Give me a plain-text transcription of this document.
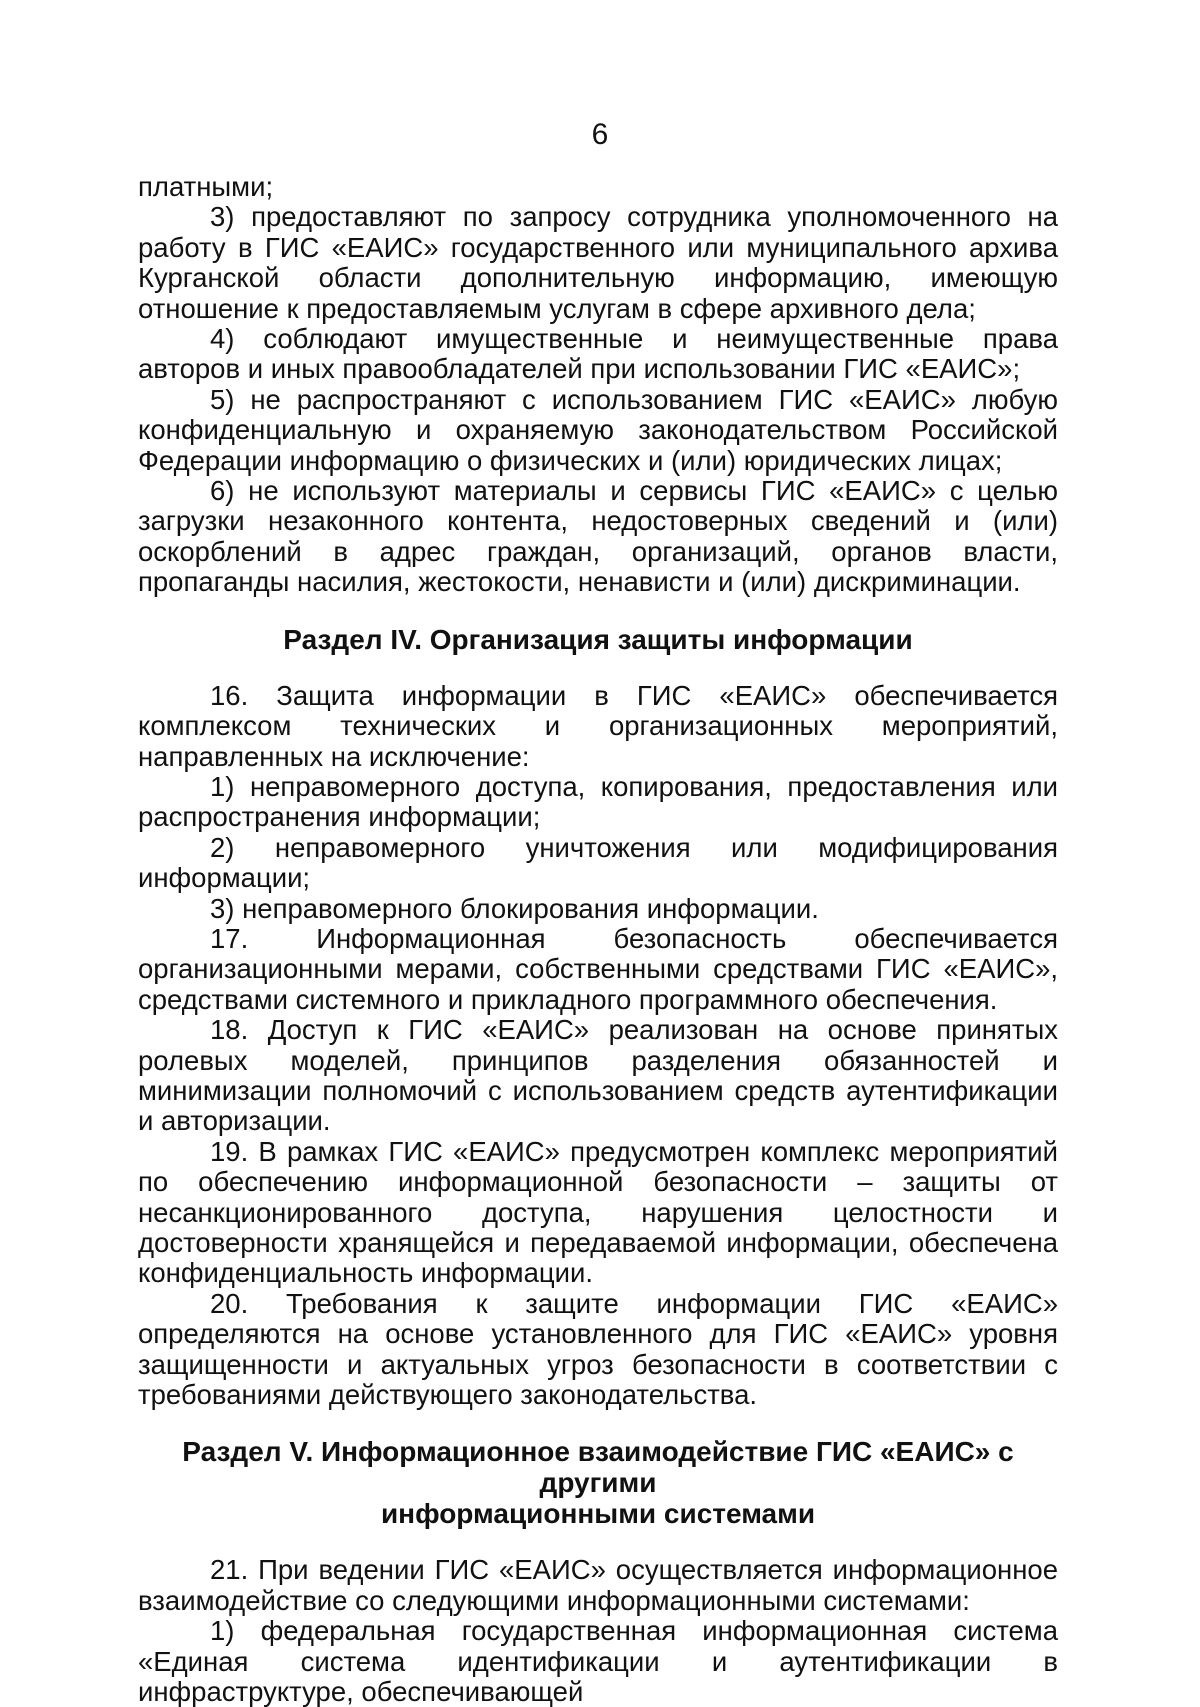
6

платными;

3) предоставляют по запросу сотрудника уполномоченного на работу в ГИС «ЕАИС» государственного или муниципального архива Курганской области дополнительную информацию, имеющую отношение к предоставляемым услугам в сфере архивного дела;

4) соблюдают имущественные и неимущественные права авторов и иных правообладателей при использовании ГИС «ЕАИС»;

5) не распространяют с использованием ГИС «ЕАИС» любую конфиденциальную и охраняемую законодательством Российской Федерации информацию о физических и (или) юридических лицах;

6) не используют материалы и сервисы ГИС «ЕАИС» с целью загрузки незаконного контента, недостоверных сведений и (или) оскорблений в адрес граждан, организаций, органов власти, пропаганды насилия, жестокости, ненависти и (или) дискриминации.

Раздел IV. Организация защиты информации

16. Защита информации в ГИС «ЕАИС» обеспечивается комплексом технических и организационных мероприятий, направленных на исключение:

1) неправомерного доступа, копирования, предоставления или распространения информации;

2) неправомерного уничтожения или модифицирования информации;

3) неправомерного блокирования информации.

17. Информационная безопасность обеспечивается организационными мерами, собственными средствами ГИС «ЕАИС», средствами системного и прикладного программного обеспечения.

18. Доступ к ГИС «ЕАИС» реализован на основе принятых ролевых моделей, принципов разделения обязанностей и минимизации полномочий с использованием средств аутентификации и авторизации.

19. В рамках ГИС «ЕАИС» предусмотрен комплекс мероприятий по обеспечению информационной безопасности – защиты от несанкционированного доступа, нарушения целостности и достоверности хранящейся и передаваемой информации, обеспечена конфиденциальность информации.

20. Требования к защите информации ГИС «ЕАИС» определяются на основе установленного для ГИС «ЕАИС» уровня защищенности и актуальных угроз безопасности в соответствии с требованиями действующего законодательства.

Раздел V. Информационное взаимодействие ГИС «ЕАИС» с другими
информационными системами

21. При ведении ГИС «ЕАИС» осуществляется информационное взаимодействие со следующими информационными системами:

1) федеральная государственная информационная система «Единая система идентификации и аутентификации в инфраструктуре, обеспечивающей
